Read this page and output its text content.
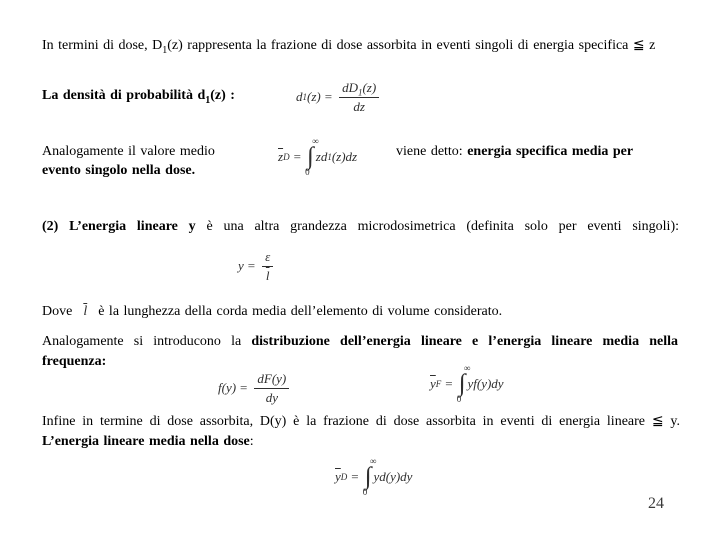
In termini di dose, $D_1(z)$ rappresenta la frazione di dose assorbita in eventi singoli di energia specifica ≦ z

La densità di probabilità $d_1(z)$ :	d 1 $(z) = \frac{dD_1(z)}{dz}$

Analogamente il valore medio

evento singolo nella dose.

$\overline{z}$ D =
∞
∫
0
zd 1 (z)dz	viene detto: energia specifica media per

(2) L’energia lineare y è una altra grandezza microdosimetrica (definita solo per eventi singoli):

$y = \frac{\varepsilon}{l}$

Dove $\overline{l}$ è la lunghezza della corda media dell’elemento di volume considerato.

Analogamente si introducono la distribuzione dell’energia lineare e l’energia lineare media nella frequenza:

$f(y) = \frac{dF(y)}{dy}$	$\overline{y}$ F =
∞
∫
0
yf(y)dy

Infine in termine di dose assorbita, D(y) è la frazione di dose assorbita in eventi di energia lineare ≦ y. L’energia lineare media nella dose:

$\overline{y}$ D =
∞
∫
0
yd(y)dy
24
